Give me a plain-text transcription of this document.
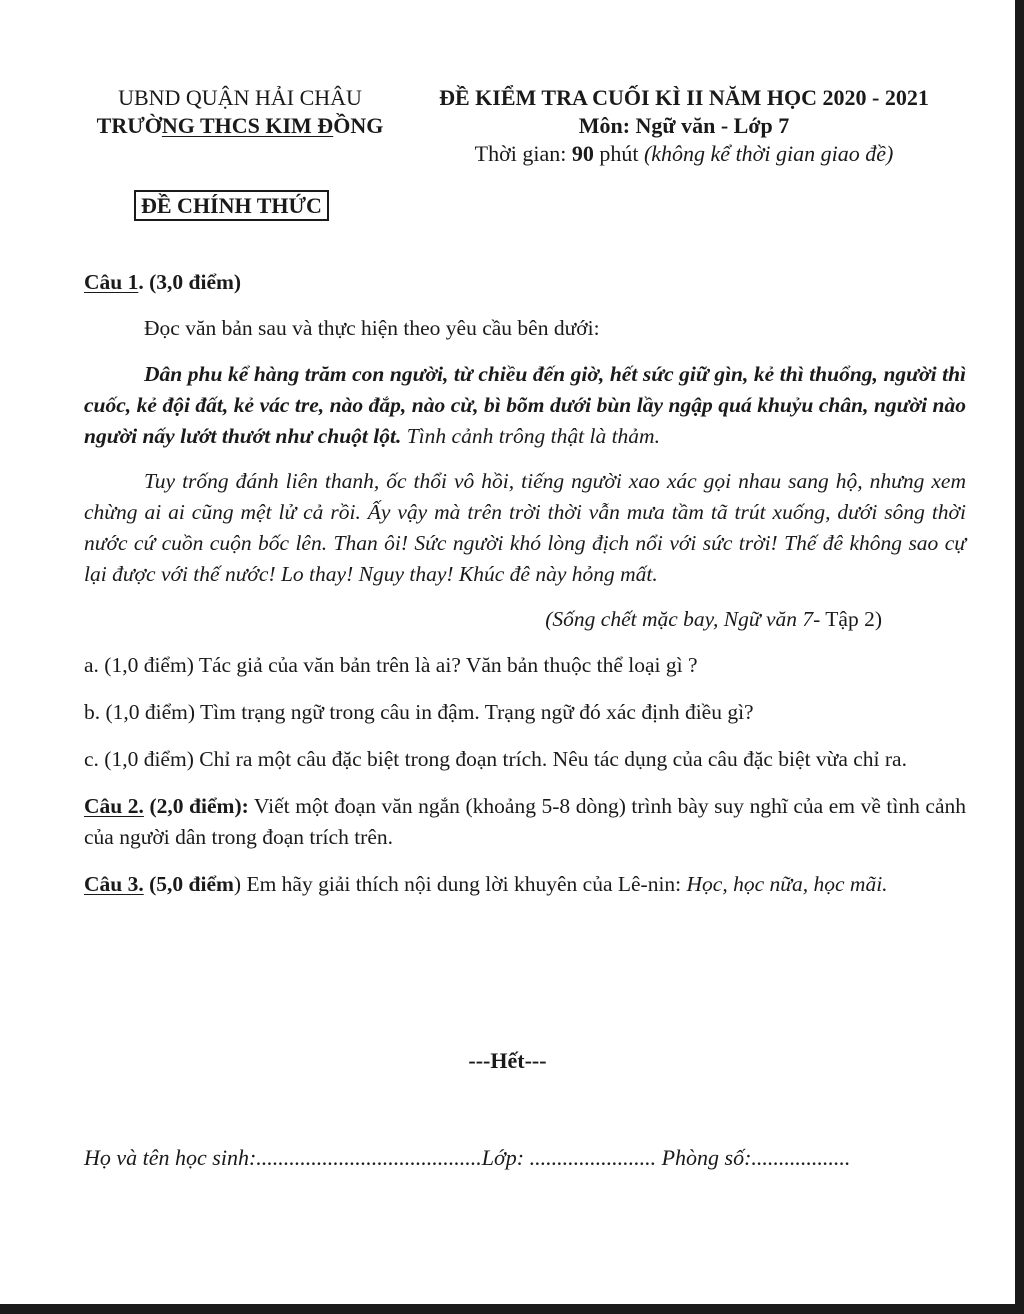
UBND QUẬN HẢI CHÂU
TRƯỜNG THCS KIM ĐỒNG
ĐỀ KIỂM TRA CUỐI KÌ II NĂM HỌC 2020 - 2021
Môn: Ngữ văn - Lớp 7
Thời gian: 90 phút (không kể thời gian giao đề)
ĐỀ CHÍNH THỨC

Câu 1. (3,0 điểm)

Đọc văn bản sau và thực hiện theo yêu cầu bên dưới:

Dân phu kể hàng trăm con người, từ chiều đến giờ, hết sức giữ gìn, kẻ thì thuổng, người thì cuốc, kẻ đội đất, kẻ vác tre, nào đắp, nào cừ, bì bõm dưới bùn lầy ngập quá khuỷu chân, người nào người nấy lướt thướt như chuột lột. Tình cảnh trông thật là thảm.

Tuy trống đánh liên thanh, ốc thổi vô hồi, tiếng người xao xác gọi nhau sang hộ, nhưng xem chừng ai ai cũng mệt lử cả rồi. Ấy vậy mà trên trời thời vẫn mưa tầm tã trút xuống, dưới sông thời nước cứ cuồn cuộn bốc lên. Than ôi! Sức người khó lòng địch nổi với sức trời! Thế đê không sao cự lại được với thế nước! Lo thay! Nguy thay! Khúc đê này hỏng mất.

(Sống chết mặc bay, Ngữ văn 7- Tập 2)

a. (1,0 điểm) Tác giả của văn bản trên là ai? Văn bản thuộc thể loại gì ?

b. (1,0 điểm) Tìm trạng ngữ trong câu in đậm. Trạng ngữ đó xác định điều gì?

c. (1,0 điểm) Chỉ ra một câu đặc biệt trong đoạn trích. Nêu tác dụng của câu đặc biệt vừa chỉ ra.

Câu 2. (2,0 điểm): Viết một đoạn văn ngắn (khoảng 5-8 dòng) trình bày suy nghĩ của em về tình cảnh của người dân trong đoạn trích trên.

Câu 3. (5,0 điểm) Em hãy giải thích nội dung lời khuyên của Lê-nin: Học, học nữa, học mãi.

---Hết---
Họ và tên học sinh:.........................................Lớp: ....................... Phòng số:..................
